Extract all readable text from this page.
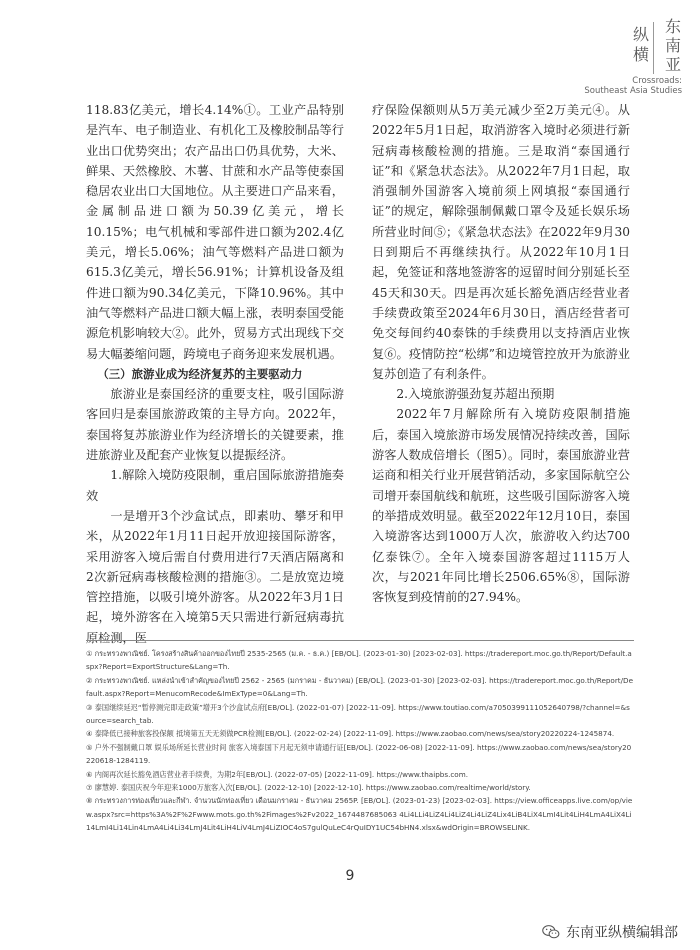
东
南
亚
纵
横
Crossroads:
Southeast Asia Studies

118.83亿美元，增长4.14%①。工业产品特别是汽车、电子制造业、有机化工及橡胶制品等行业出口优势突出；农产品出口仍具优势，大米、鲜果、天然橡胶、木薯、甘蔗和水产品等使泰国稳居农业出口大国地位。从主要进口产品来看，金属制品进口额为50.39亿美元，增长10.15%；电气机械和零部件进口额为202.4亿美元，增长5.06%；油气等燃料产品进口额为615.3亿美元，增长56.91%；计算机设备及组件进口额为90.34亿美元，下降10.96%。其中油气等燃料产品进口额大幅上涨，表明泰国受能源危机影响较大②。此外，贸易方式出现线下交易大幅萎缩问题，跨境电子商务迎来发展机遇。

（三）旅游业成为经济复苏的主要驱动力

旅游业是泰国经济的重要支柱，吸引国际游客回归是泰国旅游政策的主导方向。2022年，泰国将复苏旅游业作为经济增长的关键要素，推进旅游业及配套产业恢复以提振经济。

1.解除入境防疫限制，重启国际旅游措施奏效

一是增开3个沙盒试点，即素叻、攀牙和甲米，从2022年1月11日起开放迎接国际游客，采用游客入境后需自付费用进行7天酒店隔离和2次新冠病毒核酸检测的措施③。二是放宽边境管控措施，以吸引境外游客。从2022年3月1日起，境外游客在入境第5天只需进行新冠病毒抗原检测，医

疗保险保额则从5万美元减少至2万美元④。从2022年5月1日起，取消游客入境时必须进行新冠病毒核酸检测的措施。三是取消“泰国通行证”和《紧急状态法》。从2022年7月1日起，取消强制外国游客入境前须上网填报“泰国通行证”的规定，解除强制佩戴口罩令及延长娱乐场所营业时间⑤；《紧急状态法》在2022年9月30日到期后不再继续执行。从2022年10月1日起，免签证和落地签游客的逗留时间分别延长至45天和30天。四是再次延长豁免酒店经营业者手续费政策至2024年6月30日，酒店经营者可免交每间约40泰铢的手续费用以支持酒店业恢复⑥。疫情防控“松绑”和边境管控放开为旅游业复苏创造了有利条件。

2.入境旅游强劲复苏超出预期

2022年7月解除所有入境防疫限制措施后，泰国入境旅游市场发展情况持续改善，国际游客人数成倍增长（图5）。同时，泰国旅游业营运商和相关行业开展营销活动，多家国际航空公司增开泰国航线和航班，这些吸引国际游客入境的举措成效明显。截至2022年12月10日，泰国入境游客达到1000万人次，旅游收入约达700亿泰铢⑦。全年入境泰国游客超过1115万人次，与2021年同比增长2506.65%⑧，国际游客恢复到疫情前的27.94%。

① กระทรวงพาณิชย์. โครงสร้างสินค้าออกของไทยปี 2535-2565 (ม.ค. - ธ.ค.) [EB/OL]. (2023-01-30) [2023-02-03]. https://tradereport.moc.go.th/Report/Default.aspx?Report=ExportStructure&Lang=Th.

② กระทรวงพาณิชย์. แหล่งนำเข้าสำคัญของไทยปี 2562 - 2565 (มกราคม - ธันวาคม) [EB/OL]. (2023-01-30) [2023-02-03]. https://tradereport.moc.go.th/Report/Default.aspx?Report=MenucomRecode&ImExType=0&Lang=Th.

③ 泰国继续延迟“暂停测完即走政策”增开3个沙盒试点府[EB/OL]. (2022-01-07) [2022-11-09]. https://www.toutiao.com/a7050399111052640798/?channel=&source=search_tab.

④ 泰降低已接种旅客投保额 抵境第五天无须做PCR检测[EB/OL]. (2022-02-24) [2022-11-09]. https://www.zaobao.com/news/sea/story20220224-1245874.

⑤ 户外不强制戴口罩 娱乐场所延长营业时间 旅客入境泰国下月起无须申请通行证[EB/OL]. (2022-06-08) [2022-11-09]. https://www.zaobao.com/news/sea/story20220618-1284119.

⑥ 内阁再次延长豁免酒店营业者手续费，为期2年[EB/OL]. (2022-07-05) [2022-11-09]. https://www.thaipbs.com.

⑦ 廖慧婷. 泰国庆祝今年迎来1000万旅客入次[EB/OL]. (2022-12-10) [2022-12-10]. https://www.zaobao.com/realtime/world/story.

⑧ กระทรวงการท่องเที่ยวและกีฬา. จำนวนนักท่องเที่ยว เดือนมกราคม - ธันวาคม 2565P. [EB/OL]. (2023-01-23) [2023-02-03]. https://view.officeapps.live.com/op/view.aspx?src=https%3A%2F%2Fwww.mots.go.th%2Fimages%2Fv2022_1674487685063 4Li4LLi4LiZ4Li4LiZ4Li4LiZ4Lix4LiB4LiX4LmI4Lit4LiH4LmA4LiX4Li14LmI4Li14Lin4LmA4Li4Li34LmJ4Lit4LiH4LiV4LmJ4LiZIOC4oS7gulQuLeC4rQuIDY1UC54bHN4.xlsx&wdOrigin=BROWSELINK.

9
东南亚纵横编辑部
